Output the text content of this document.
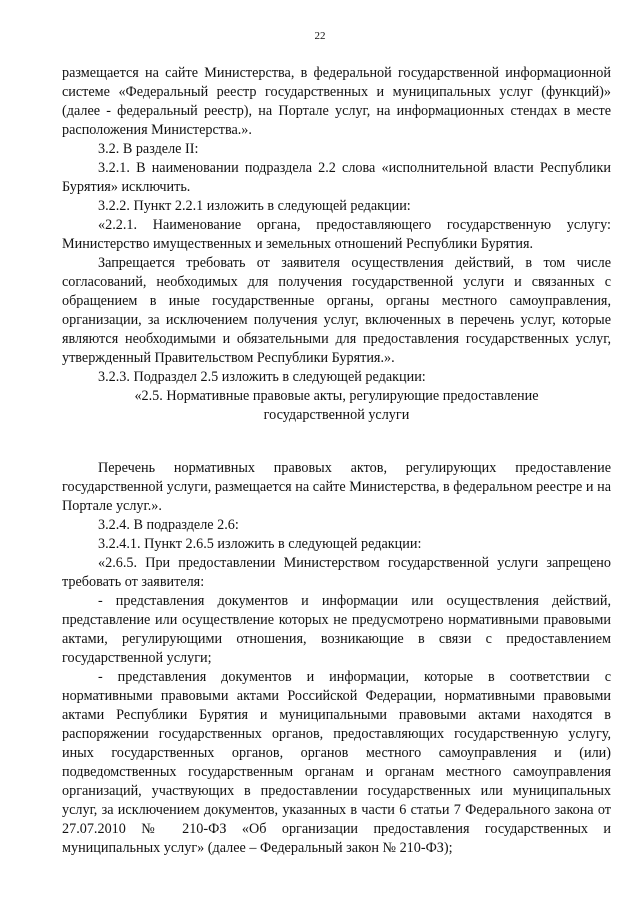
22

размещается на сайте Министерства, в федеральной государственной информационной системе «Федеральный реестр государственных и муниципальных услуг (функций)» (далее - федеральный реестр), на Портале услуг, на информационных стендах в месте расположения Министерства.».

3.2. В разделе II:

3.2.1. В наименовании подраздела 2.2 слова «исполнительной власти Республики Бурятия» исключить.

3.2.2. Пункт 2.2.1 изложить в следующей редакции:

«2.2.1. Наименование органа, предоставляющего государственную услугу: Министерство имущественных и земельных отношений Республики Бурятия.

Запрещается требовать от заявителя осуществления действий, в том числе согласований, необходимых для получения государственной услуги и связанных с обращением в иные государственные органы, органы местного самоуправления, организации, за исключением получения услуг, включенных в перечень услуг, которые являются необходимыми и обязательными для предоставления государственных услуг, утвержденный Правительством Республики Бурятия.».

3.2.3. Подраздел 2.5 изложить в следующей редакции:

«2.5. Нормативные правовые акты, регулирующие предоставление государственной услуги

Перечень нормативных правовых актов, регулирующих предоставление государственной услуги, размещается на сайте Министерства, в федеральном реестре и на Портале услуг.».

3.2.4. В подразделе 2.6:

3.2.4.1. Пункт 2.6.5 изложить в следующей редакции:

«2.6.5. При предоставлении Министерством государственной услуги запрещено требовать от заявителя:

- представления документов и информации или осуществления действий, представление или осуществление которых не предусмотрено нормативными правовыми актами, регулирующими отношения, возникающие в связи с предоставлением государственной услуги;

- представления документов и информации, которые в соответствии с нормативными правовыми актами Российской Федерации, нормативными правовыми актами Республики Бурятия и муниципальными правовыми актами находятся в распоряжении государственных органов, предоставляющих государственную услугу, иных государственных органов, органов местного самоуправления и (или) подведомственных государственным органам и органам местного самоуправления организаций, участвующих в предоставлении государственных или муниципальных услуг, за исключением документов, указанных в части 6 статьи 7 Федерального закона от 27.07.2010 № 210-ФЗ «Об организации предоставления государственных и муниципальных услуг» (далее – Федеральный закон № 210-ФЗ);
